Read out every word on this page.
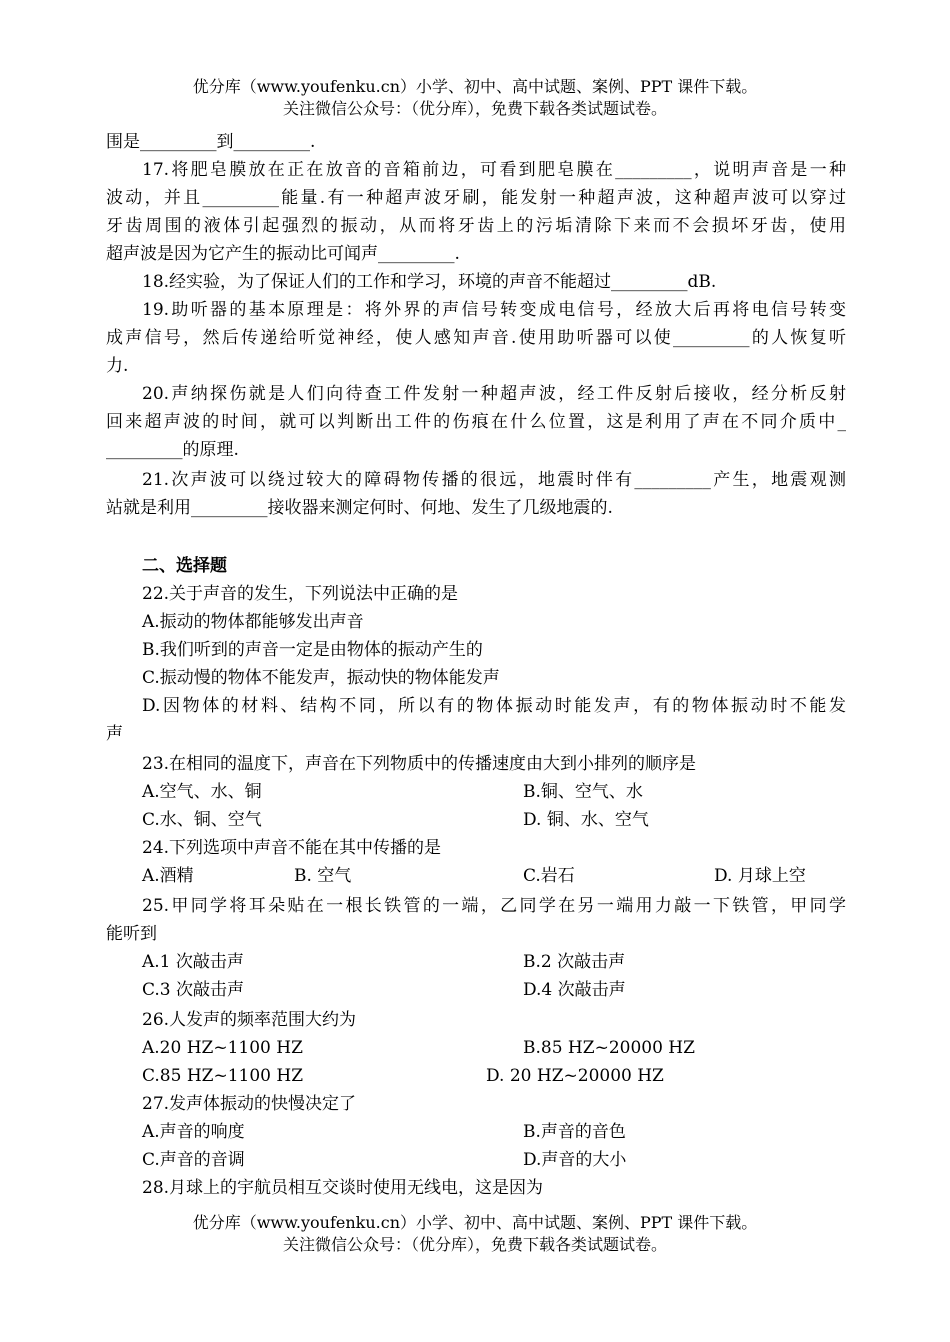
优分库（www.youfenku.cn）小学、初中、高中试题、案例、PPT 课件下载。
关注微信公众号：（优分库），免费下载各类试题试卷。
围是_________到_________.
17.将肥皂膜放在正在放音的音箱前边，可看到肥皂膜在_________，说明声音是一种
波动，并且_________能量.有一种超声波牙刷，能发射一种超声波，这种超声波可以穿过
牙齿周围的液体引起强烈的振动，从而将牙齿上的污垢清除下来而不会损坏牙齿，使用
超声波是因为它产生的振动比可闻声_________.
18.经实验，为了保证人们的工作和学习，环境的声音不能超过_________dB.
19.助听器的基本原理是：将外界的声信号转变成电信号，经放大后再将电信号转变
成声信号，然后传递给听觉神经，使人感知声音.使用助听器可以使_________的人恢复听
力.
20.声纳探伤就是人们向待查工件发射一种超声波，经工件反射后接收，经分析反射
回来超声波的时间，就可以判断出工件的伤痕在什么位置，这是利用了声在不同介质中_
_________的原理.
21.次声波可以绕过较大的障碍物传播的很远，地震时伴有_________产生，地震观测
站就是利用_________接收器来测定何时、何地、发生了几级地震的.
二、选择题
22.关于声音的发生，下列说法中正确的是
A.振动的物体都能够发出声音
B.我们听到的声音一定是由物体的振动产生的
C.振动慢的物体不能发声，振动快的物体能发声
D.因物体的材料、结构不同，所以有的物体振动时能发声，有的物体振动时不能发
声
23.在相同的温度下，声音在下列物质中的传播速度由大到小排列的顺序是
A.空气、水、铜	B.铜、空气、水
C.水、铜、空气	D. 铜、水、空气
24.下列选项中声音不能在其中传播的是
A.酒精	B. 空气	C.岩石	D. 月球上空
25.甲同学将耳朵贴在一根长铁管的一端，乙同学在另一端用力敲一下铁管，甲同学
能听到
A.1 次敲击声	B.2 次敲击声
C.3 次敲击声	D.4 次敲击声
26.人发声的频率范围大约为
A.20 HZ~1100 HZ	B.85 HZ~20000 HZ
C.85 HZ~1100 HZ	D. 20 HZ~20000 HZ
27.发声体振动的快慢决定了
A.声音的响度	B.声音的音色
C.声音的音调	D.声音的大小
28.月球上的宇航员相互交谈时使用无线电，这是因为
优分库（www.youfenku.cn）小学、初中、高中试题、案例、PPT 课件下载。
关注微信公众号：（优分库），免费下载各类试题试卷。
